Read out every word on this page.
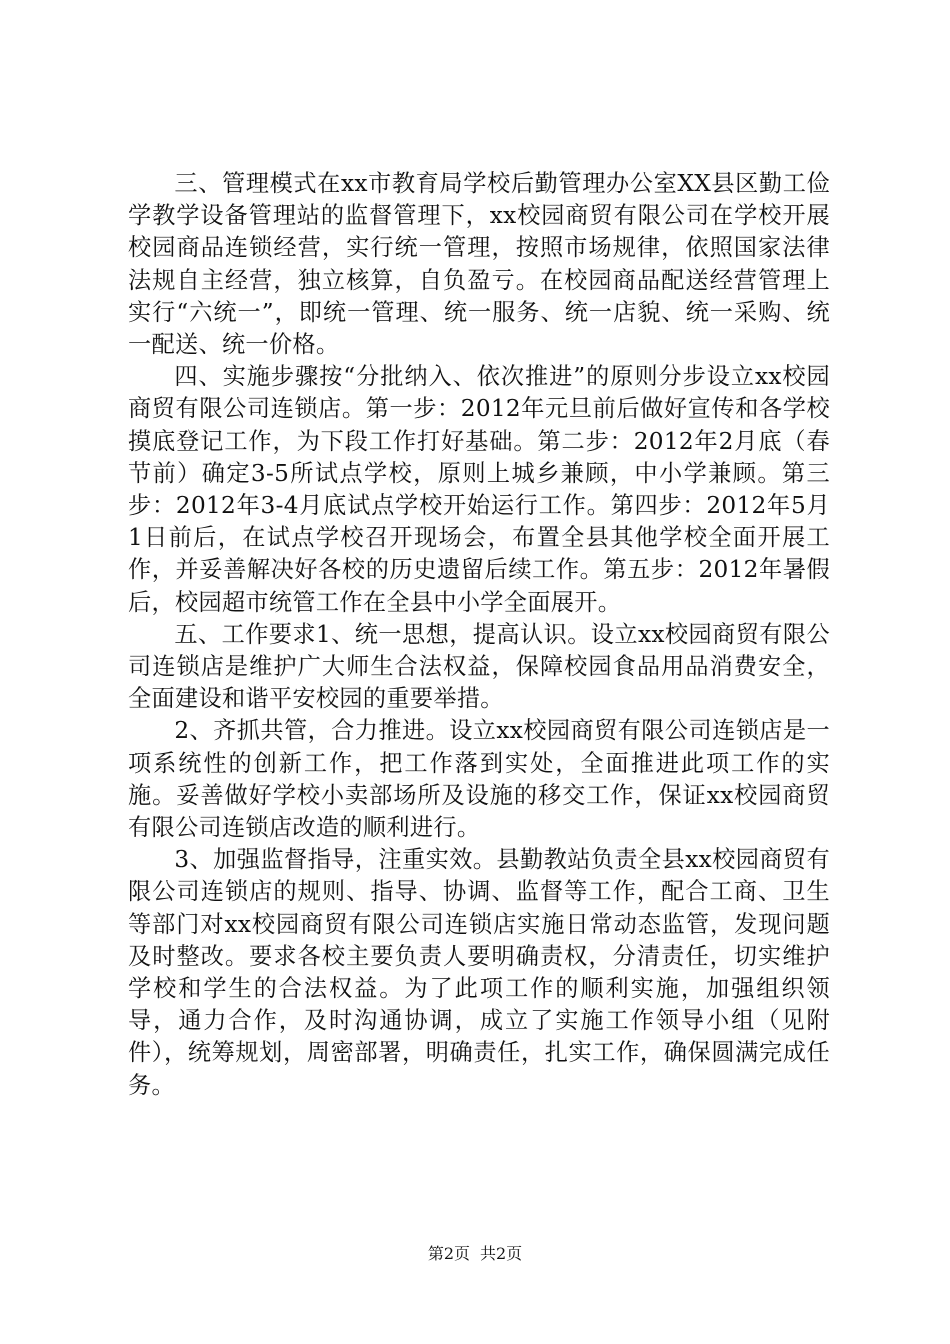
三、管理模式在xx市教育局学校后勤管理办公室XX县区勤工俭学教学设备管理站的监督管理下，xx校园商贸有限公司在学校开展校园商品连锁经营，实行统一管理，按照市场规律，依照国家法律法规自主经营，独立核算，自负盈亏。在校园商品配送经营管理上实行“六统一”，即统一管理、统一服务、统一店貌、统一采购、统一配送、统一价格。

四、实施步骤按“分批纳入、依次推进”的原则分步设立xx校园商贸有限公司连锁店。第一步：2012年元旦前后做好宣传和各学校摸底登记工作，为下段工作打好基础。第二步：2012年2月底（春节前）确定3-5所试点学校，原则上城乡兼顾，中小学兼顾。第三步：2012年3-4月底试点学校开始运行工作。第四步：2012年5月1日前后，在试点学校召开现场会，布置全县其他学校全面开展工作，并妥善解决好各校的历史遗留后续工作。第五步：2012年暑假后，校园超市统管工作在全县中小学全面展开。

五、工作要求1、统一思想，提高认识。设立xx校园商贸有限公司连锁店是维护广大师生合法权益，保障校园食品用品消费安全，全面建设和谐平安校园的重要举措。

2、齐抓共管，合力推进。设立xx校园商贸有限公司连锁店是一项系统性的创新工作，把工作落到实处，全面推进此项工作的实施。妥善做好学校小卖部场所及设施的移交工作，保证xx校园商贸有限公司连锁店改造的顺利进行。

3、加强监督指导，注重实效。县勤教站负责全县xx校园商贸有限公司连锁店的规则、指导、协调、监督等工作，配合工商、卫生等部门对xx校园商贸有限公司连锁店实施日常动态监管，发现问题及时整改。要求各校主要负责人要明确责权，分清责任，切实维护学校和学生的合法权益。为了此项工作的顺利实施，加强组织领导，通力合作，及时沟通协调，成立了实施工作领导小组（见附件），统筹规划，周密部署，明确责任，扎实工作，确保圆满完成任务。

第2页 共2页
